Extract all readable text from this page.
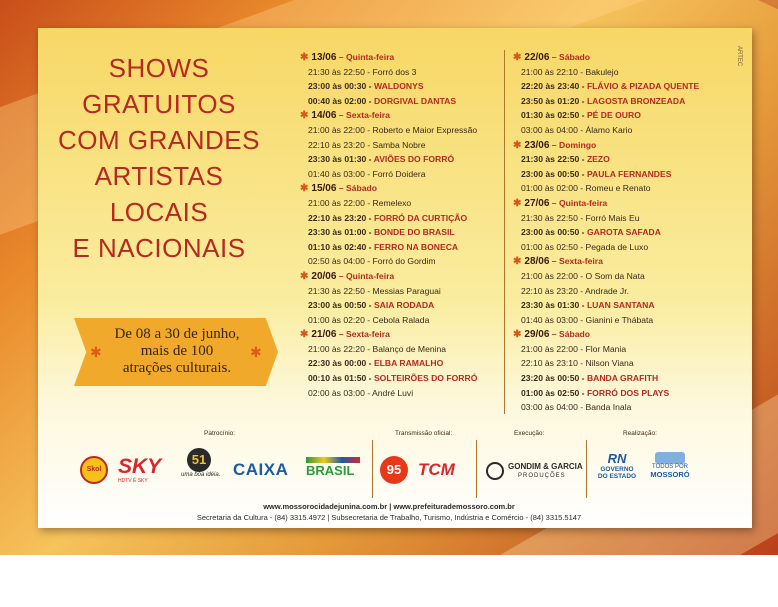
ARTEC
SHOWS
GRATUITOS
COM GRANDES
ARTISTAS
LOCAIS
E NACIONAIS
✱	✱
De 08 a 30 de junho,
mais de 100
atrações culturais.
✱ 13/06 – Quinta-feira
21:30 às 22:50 - Forró dos 3
23:00 às 00:30 - WALDONYS
00:40 às 02:00 - DORGIVAL DANTAS
✱ 14/06 – Sexta-feira
21:00 às 22:00 - Roberto e Maior Expressão
22:10 às 23:20 - Samba Nobre
23:30 às 01:30 - AVIÕES DO FORRÓ
01:40 às 03:00 - Forró Doidera
✱ 15/06 – Sábado
21:00 às 22:00 - Remelexo
22:10 às 23:20 - FORRÓ DA CURTIÇÃO
23:30 às 01:00 - BONDE DO BRASIL
01:10 às 02:40 - FERRO NA BONECA
02:50 às 04:00 - Forró do Gordim
✱ 20/06 – Quinta-feira
21:30 às 22:50 - Messias Paraguai
23:00 às 00:50 - SAIA RODADA
01:00 às 02:20 - Cebola Ralada
✱ 21/06 – Sexta-feira
21:00 às 22:20 - Balanço de Menina
22:30 às 00:00 - ELBA RAMALHO
00:10 às 01:50 - SOLTEIRÕES DO FORRÓ
02:00 às 03:00 - André Luvi
✱ 22/06 – Sábado
21:00 às 22:10 - Bakulejo
22:20 às 23:40 - FLÁVIO & PIZADA QUENTE
23:50 às 01:20 - LAGOSTA BRONZEADA
01:30 às 02:50 - PÉ DE OURO
03:00 às 04:00 - Álamo Kario
✱ 23/06 – Domingo
21:30 às 22:50 - ZEZO
23:00 às 00:50 - PAULA FERNANDES
01:00 às 02:00 - Romeu e Renato
✱ 27/06 – Quinta-feira
21:30 às 22:50 - Forró Mais Eu
23:00 às 00:50 - GAROTA SAFADA
01:00 às 02:50 - Pegada de Luxo
✱ 28/06 – Sexta-feira
21:00 às 22:00 - O Som da Nata
22:10 às 23:20 - Andrade Jr.
23:30 às 01:30 - LUAN SANTANA
01:40 às 03:00 - Gianini e Thábata
✱ 29/06 – Sábado
21:00 às 22:00 - Flor Mania
22:10 às 23:10 - Nilson Viana
23:20 às 00:50 - BANDA GRAFITH
01:00 às 02:50 - FORRÓ DOS PLAYS
03:00 às 04:00 - Banda Inala
Patrocínio:	Transmissão oficial:	Execução:	Realização:
Skol SKY
HDTV É SKY
51
uma boa idéia. CAIXA BRASIL	95 TCM	GONDIM & GARCIA
PRODUÇÕES
RN
GOVERNO
DO ESTADO
TODOS POR
MOSSORÓ
www.mossorocidadejunina.com.br | www.prefeiturademossoro.com.br
Secretaria da Cultura - (84) 3315.4972 | Subsecretaria de Trabalho, Turismo, Indústria e Comércio - (84) 3315.5147
